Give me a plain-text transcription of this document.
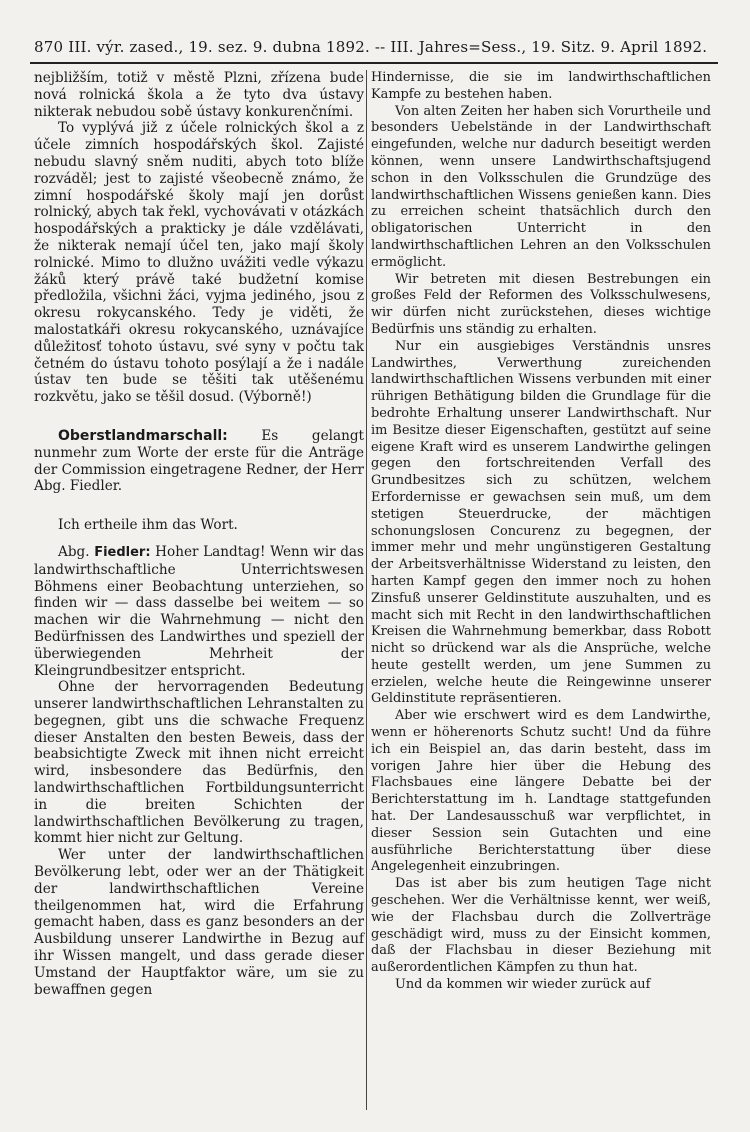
870 III. výr. zased., 19. sez. 9. dubna 1892. -- III. Jahres=Sess., 19. Sitz. 9. April 1892.

nejbližším, totiž v městě Plzni, zřízena bude nová rolnická škola a že tyto dva ústavy nikterak nebudou sobě ústavy konkurenčními.

To vyplývá již z účele rolnických škol a z účele zimních hospodářských škol. Zajisté nebudu slavný sněm nuditi, abych toto blíže rozváděl; jest to zajisté všeobecně známo, že zimní hospodářské školy mají jen dorůst rolnický, abych tak řekl, vychovávati v otázkách hospodářských a prakticky je dále vzdělávati, že nikterak nemají účel ten, jako mají školy rolnické. Mimo to dlužno uvážiti vedle výkazu žáků který právě také budžetní komise předložila, všichni žáci, vyjma jediného, jsou z okresu rokycanského. Tedy je viděti, že malostatkáři okresu rokycanského, uznávajíce důležitosť tohoto ústavu, své syny v počtu tak četném do ústavu tohoto posýlají a že i nadále ústav ten bude se těšiti tak utěšenému rozkvětu, jako se těšil dosud. (Výborně!)

Oberstlandmarschall: Es gelangt nunmehr zum Worte der erste für die Anträge der Commission eingetragene Redner, der Herr Abg. Fiedler.

Ich ertheile ihm das Wort.

Abg. Fiedler: Hoher Landtag! Wenn wir das landwirthschaftliche Unterrichtswesen Böhmens einer Beobachtung unterziehen, so finden wir — dass dasselbe bei weitem — so machen wir die Wahrnehmung — nicht den Bedürfnissen des Landwirthes und speziell der überwiegenden Mehrheit der Kleingrundbesitzer entspricht.

Ohne der hervorragenden Bedeutung unserer landwirthschaftlichen Lehranstalten zu begegnen, gibt uns die schwache Frequenz dieser Anstalten den besten Beweis, dass der beabsichtigte Zweck mit ihnen nicht erreicht wird, insbesondere das Bedürfnis, den landwirthschaftlichen Fortbildungsunterricht in die breiten Schichten der landwirthschaftlichen Bevölkerung zu tragen, kommt hier nicht zur Geltung.

Wer unter der landwirthschaftlichen Bevölkerung lebt, oder wer an der Thätigkeit der landwirthschaftlichen Vereine theilgenommen hat, wird die Erfahrung gemacht haben, dass es ganz besonders an der Ausbildung unserer Landwirthe in Bezug auf ihr Wissen mangelt, und dass gerade dieser Umstand der Hauptfaktor wäre, um sie zu bewaffnen gegen

Hindernisse, die sie im landwirthschaftlichen Kampfe zu bestehen haben.

Von alten Zeiten her haben sich Vorurtheile und besonders Uebelstände in der Landwirthschaft eingefunden, welche nur dadurch beseitigt werden können, wenn unsere Landwirthschaftsjugend schon in den Volksschulen die Grundzüge des landwirthschaftlichen Wissens genießen kann. Dies zu erreichen scheint thatsächlich durch den obligatorischen Unterricht in den landwirthschaftlichen Lehren an den Volksschulen ermöglicht.

Wir betreten mit diesen Bestrebungen ein großes Feld der Reformen des Volksschulwesens, wir dürfen nicht zurückstehen, dieses wichtige Bedürfnis uns ständig zu erhalten.

Nur ein ausgiebiges Verständnis unsres Landwirthes, Verwerthung zureichenden landwirthschaftlichen Wissens verbunden mit einer rührigen Bethätigung bilden die Grundlage für die bedrohte Erhaltung unserer Landwirthschaft. Nur im Besitze dieser Eigenschaften, gestützt auf seine eigene Kraft wird es unserem Landwirthe gelingen gegen den fortschreitenden Verfall des Grundbesitzes sich zu schützen, welchem Erfordernisse er gewachsen sein muß, um dem stetigen Steuerdrucke, der mächtigen schonungslosen Concurenz zu begegnen, der immer mehr und mehr ungünstigeren Gestaltung der Arbeitsverhältnisse Widerstand zu leisten, den harten Kampf gegen den immer noch zu hohen Zinsfuß unserer Geldinstitute auszuhalten, und es macht sich mit Recht in den landwirthschaftlichen Kreisen die Wahrnehmung bemerkbar, dass Robott nicht so drückend war als die Ansprüche, welche heute gestellt werden, um jene Summen zu erzielen, welche heute die Reingewinne unserer Geldinstitute repräsentieren.

Aber wie erschwert wird es dem Landwirthe, wenn er höherenorts Schutz sucht! Und da führe ich ein Beispiel an, das darin besteht, dass im vorigen Jahre hier über die Hebung des Flachsbaues eine längere Debatte bei der Berichterstattung im h. Landtage stattgefunden hat. Der Landesausschuß war verpflichtet, in dieser Session sein Gutachten und eine ausführliche Berichterstattung über diese Angelegenheit einzubringen.

Das ist aber bis zum heutigen Tage nicht geschehen. Wer die Verhältnisse kennt, wer weiß, wie der Flachsbau durch die Zollverträge geschädigt wird, muss zu der Einsicht kommen, daß der Flachsbau in dieser Beziehung mit außerordentlichen Kämpfen zu thun hat.

Und da kommen wir wieder zurück auf
